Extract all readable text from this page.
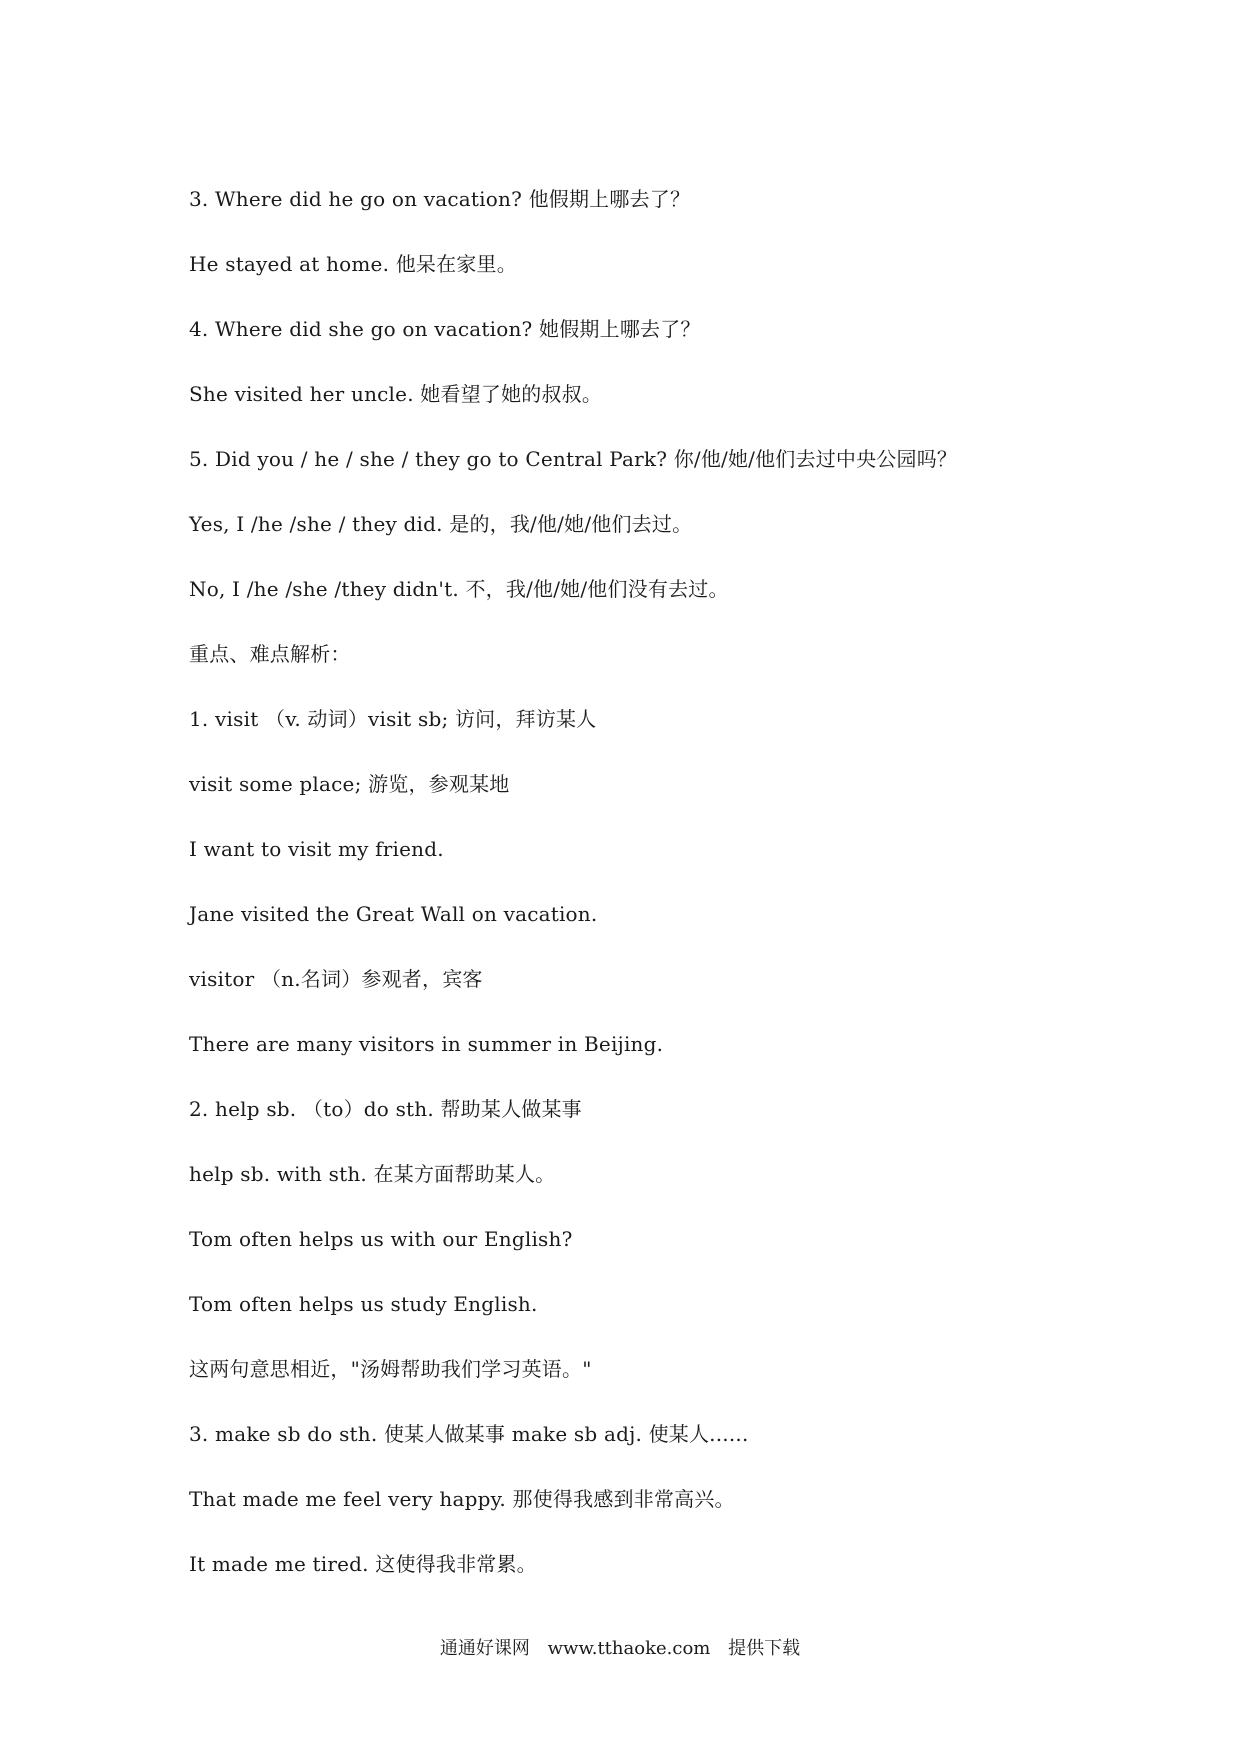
3. Where did he go on vacation? 他假期上哪去了？
He stayed at home. 他呆在家里。
4. Where did she go on vacation? 她假期上哪去了？
She visited her uncle. 她看望了她的叔叔。
5. Did you / he / she / they go to Central Park? 你/他/她/他们去过中央公园吗？
Yes, I /he /she / they did. 是的，我/他/她/他们去过。
No, I /he /she /they didn't. 不，我/他/她/他们没有去过。
重点、难点解析：
1. visit （v. 动词）visit sb; 访问，拜访某人
visit some place; 游览，参观某地
I want to visit my friend.
Jane visited the Great Wall on vacation.
visitor （n.名词）参观者，宾客
There are many visitors in summer in Beijing.
2. help sb. （to）do sth. 帮助某人做某事
help sb. with sth. 在某方面帮助某人。
Tom often helps us with our English?
Tom often helps us study English.
这两句意思相近，"汤姆帮助我们学习英语。"
3. make sb do sth. 使某人做某事 make sb adj. 使某人......
That made me feel very happy. 那使得我感到非常高兴。
It made me tired. 这使得我非常累。
通通好课网 www.tthaoke.com 提供下载
